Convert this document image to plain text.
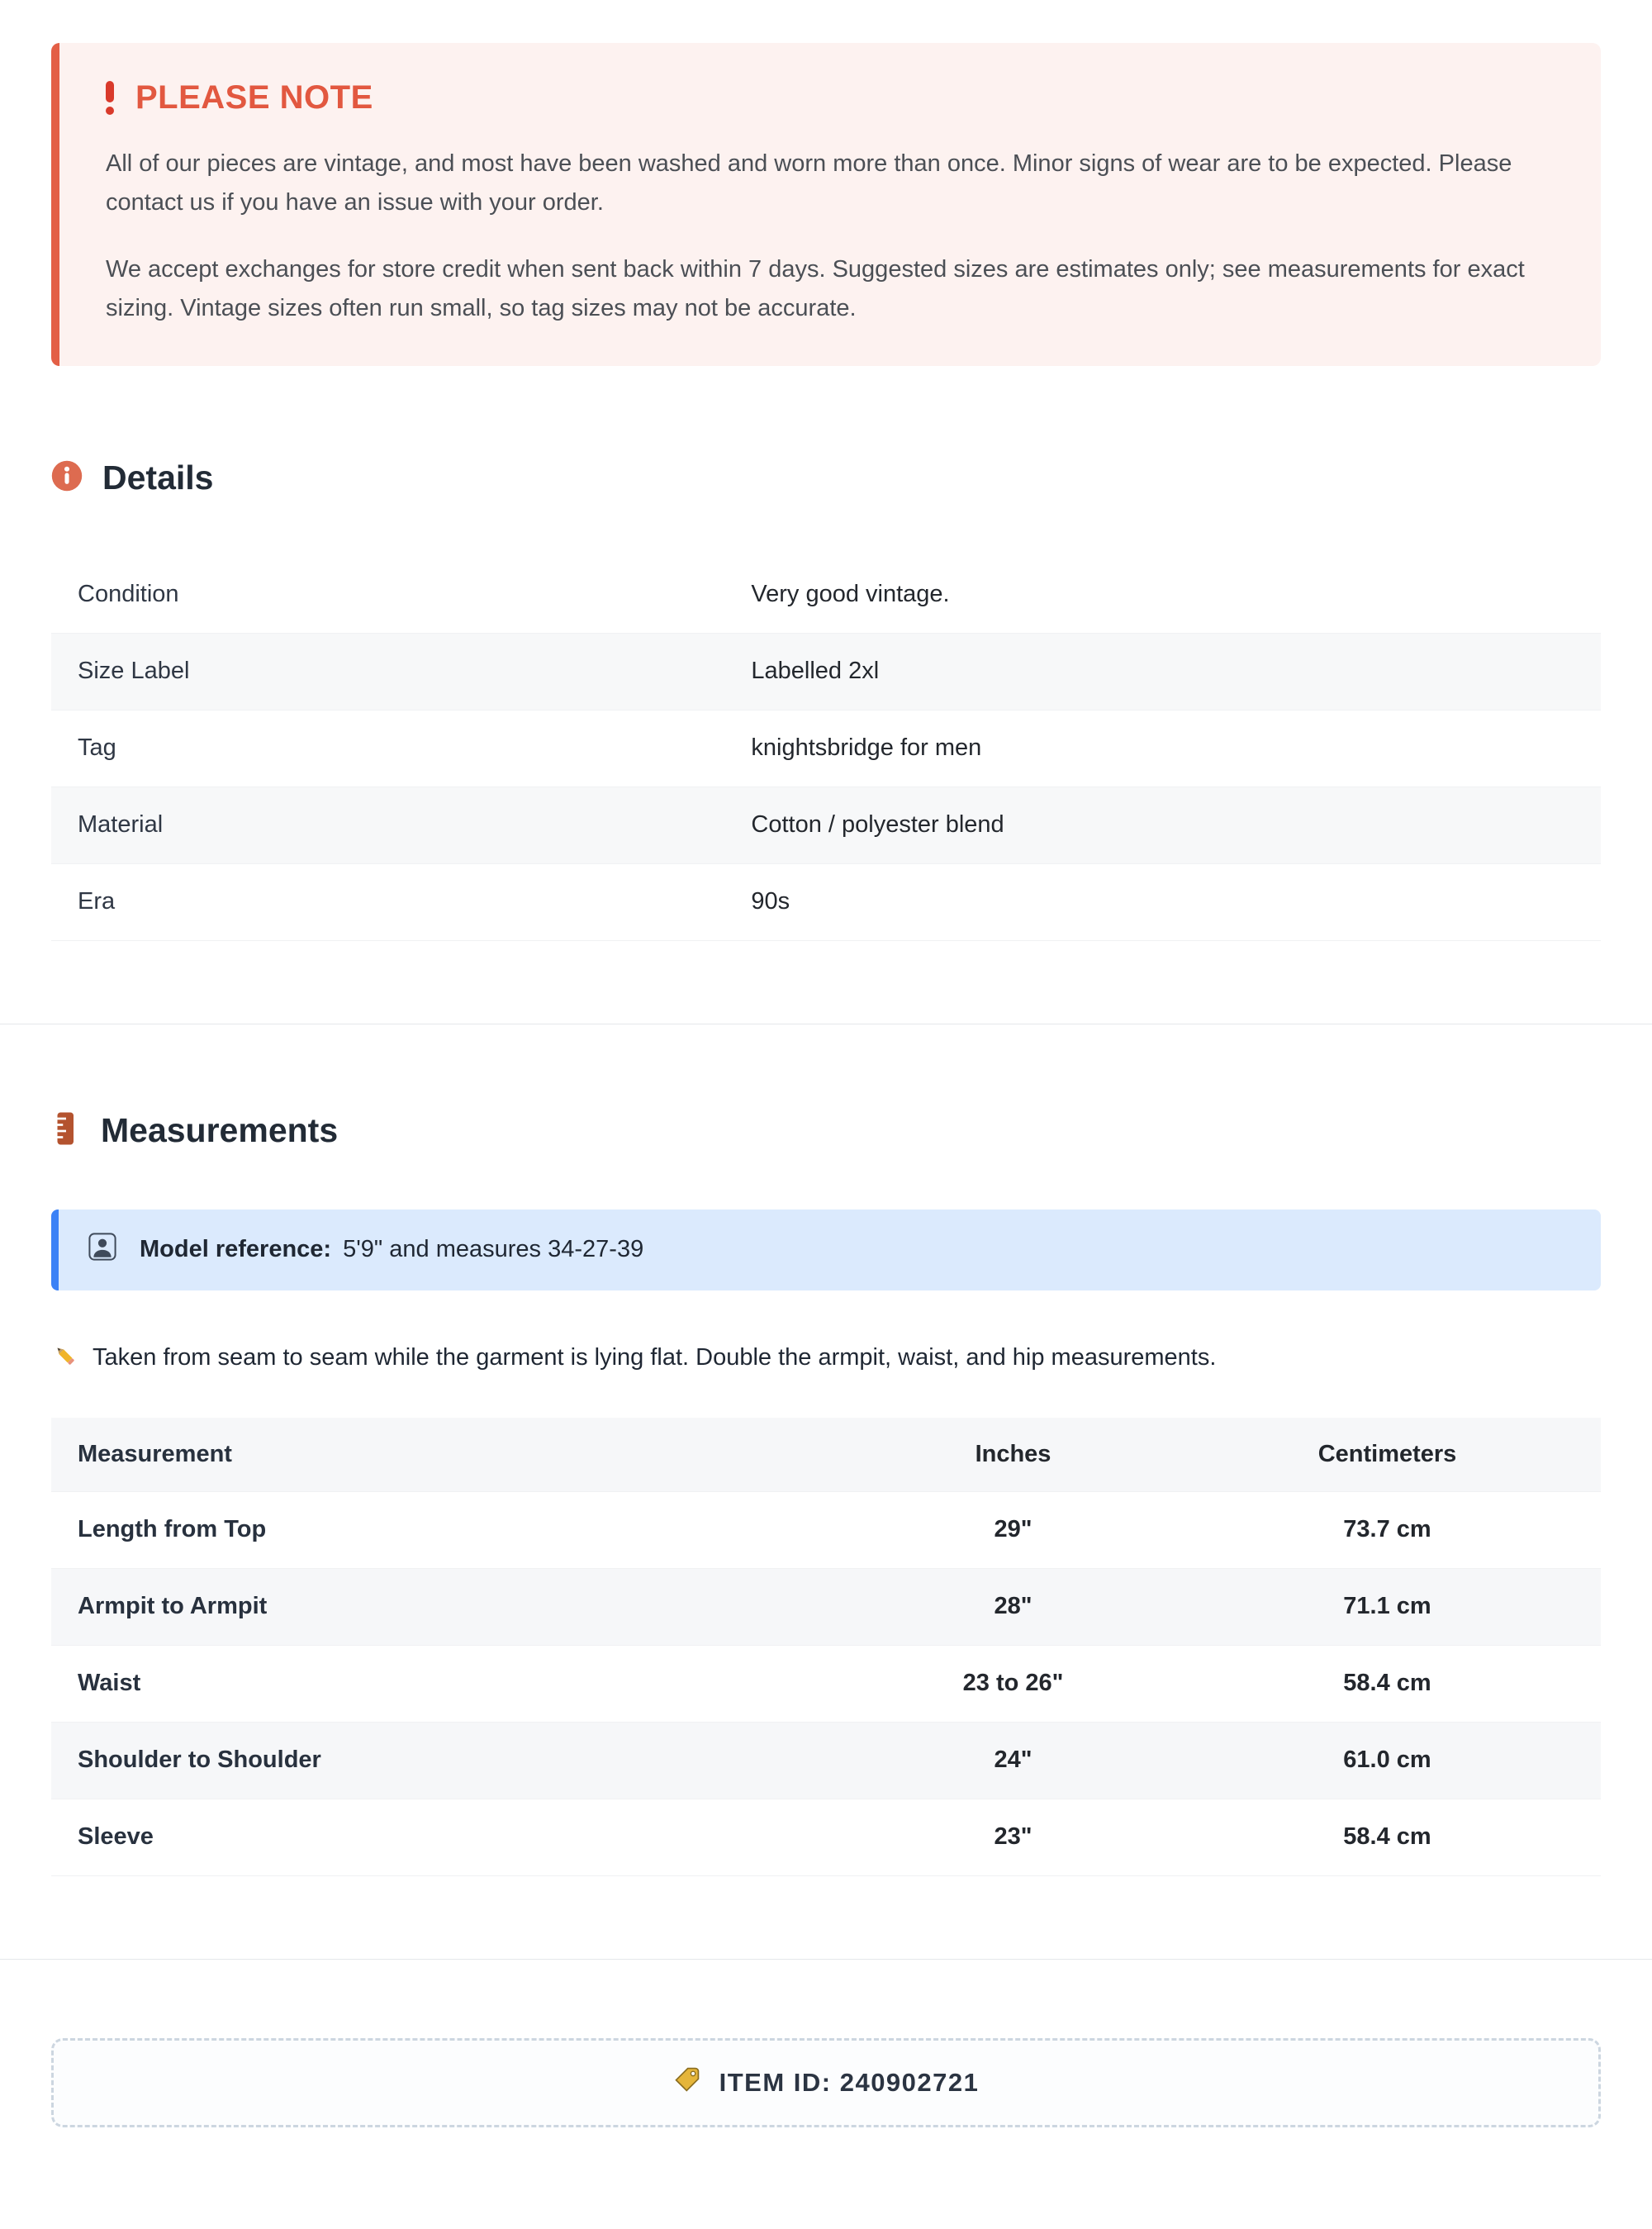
PLEASE NOTE

All of our pieces are vintage, and most have been washed and worn more than once. Minor signs of wear are to be expected. Please contact us if you have an issue with your order.

We accept exchanges for store credit when sent back within 7 days. Suggested sizes are estimates only; see measurements for exact sizing. Vintage sizes often run small, so tag sizes may not be accurate.

Details
Condition	Very good vintage.
Size Label	Labelled 2xl
Tag	knightsbridge for men
Material	Cotton / polyester blend
Era	90s
Measurements
Model reference: 5'9" and measures 34-27-39
Taken from seam to seam while the garment is lying flat. Double the armpit, waist, and hip measurements.
Measurement	Inches	Centimeters
Length from Top	29"	73.7 cm
Armpit to Armpit	28"	71.1 cm
Waist	23 to 26"	58.4 cm
Shoulder to Shoulder	24"	61.0 cm
Sleeve	23"	58.4 cm
ITEM ID: 240902721
